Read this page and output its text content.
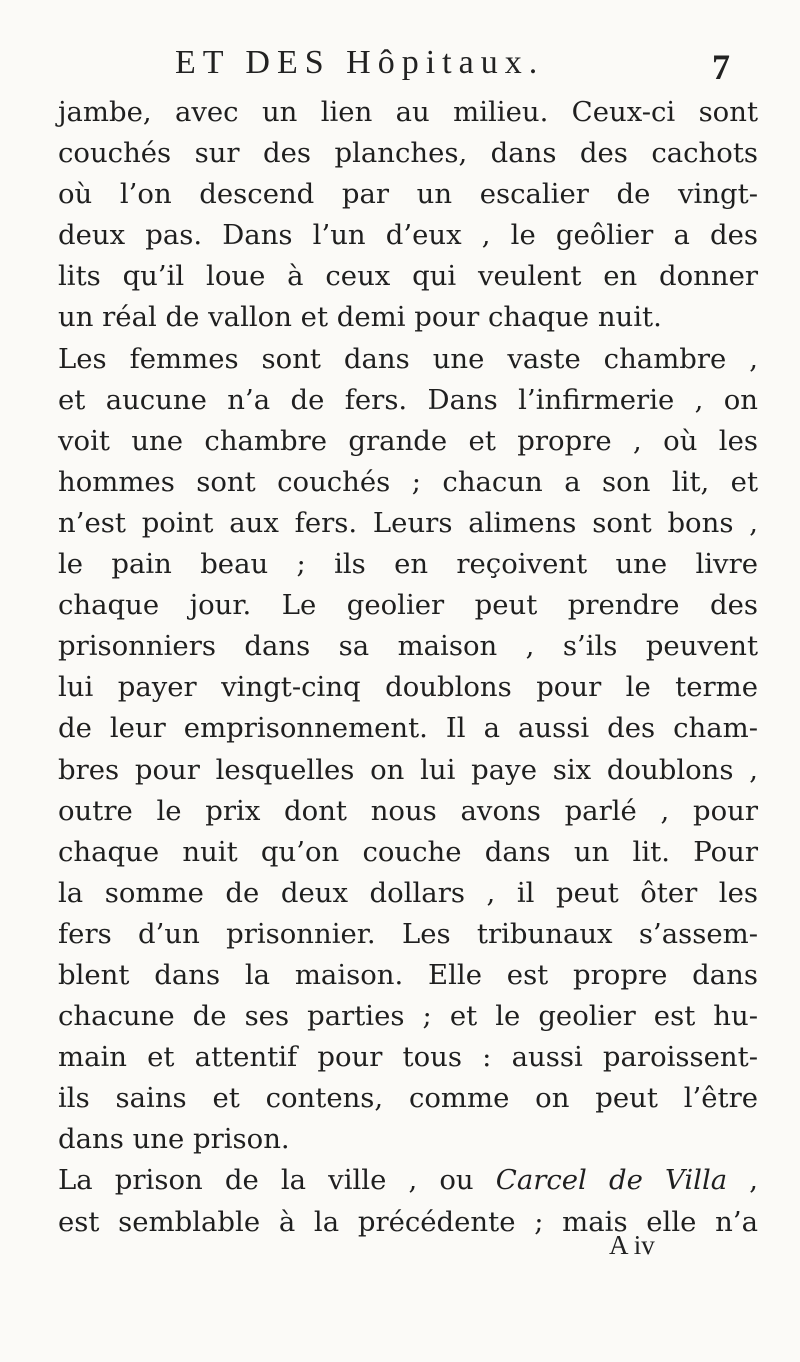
ET DES Hôpitaux.	7
jambe, avec un lien au milieu. Ceux-ci sont
couchés sur des planches, dans des cachots
où l’on descend par un escalier de vingt-
deux pas. Dans l’un d’eux , le geôlier a des
lits qu’il loue à ceux qui veulent en donner
un réal de vallon et demi pour chaque nuit.
Les femmes sont dans une vaste chambre ,
et aucune n’a de fers. Dans l’infirmerie , on
voit une chambre grande et propre , où les
hommes sont couchés ; chacun a son lit, et
n’est point aux fers. Leurs alimens sont bons ,
le pain beau ; ils en reçoivent une livre
chaque jour. Le geolier peut prendre des
prisonniers dans sa maison , s’ils peuvent
lui payer vingt-cinq doublons pour le terme
de leur emprisonnement. Il a aussi des cham-
bres pour lesquelles on lui paye six doublons ,
outre le prix dont nous avons parlé , pour
chaque nuit qu’on couche dans un lit. Pour
la somme de deux dollars , il peut ôter les
fers d’un prisonnier. Les tribunaux s’assem-
blent dans la maison. Elle est propre dans
chacune de ses parties ; et le geolier est hu-
main et attentif pour tous : aussi paroissent-
ils sains et contens, comme on peut l’être
dans une prison.
La prison de la ville , ou Carcel de Villa ,
est semblable à la précédente ; mais elle n’a
A iv
